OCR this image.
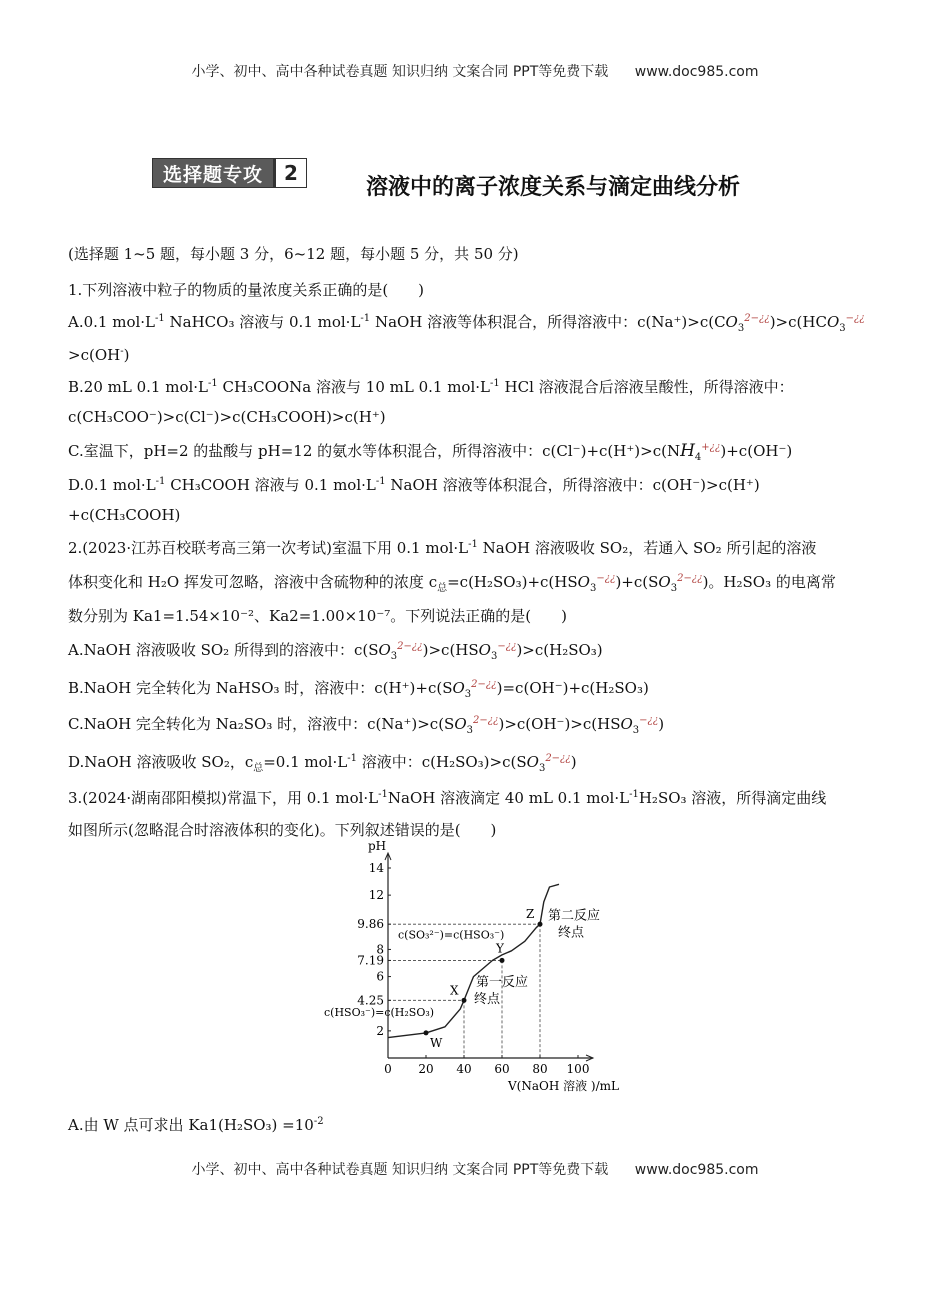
小学、初中、高中各种试卷真题 知识归纳 文案合同 PPT等免费下载 www.doc985.com
选择题专攻	2
溶液中的离子浓度关系与滴定曲线分析
(选择题 1~5 题，每小题 3 分，6~12 题，每小题 5 分，共 50 分)
1.下列溶液中粒子的物质的量浓度关系正确的是(　　)
A.0.1 $mol\cdot L^{-1}$ NaHCO₃ 溶液与 0.1 $mol\cdot L^{-1}$ NaOH 溶液等体积混合，所得溶液中：$c(Na^+)>c(CO_3^{2-¿¿})>c(HCO_3^{-¿¿}$
>c(OH-)
B.20 mL 0.1 $mol\cdot L^{-1}$ CH₃COONa 溶液与 10 mL 0.1 $mol\cdot L^{-1}$ HCl 溶液混合后溶液呈酸性，所得溶液中：
c(CH₃COO⁻)>c(Cl⁻)>c(CH₃COOH)>c(H⁺)
C.室温下，pH=2 的盐酸与 pH=12 的氨水等体积混合，所得溶液中：$c(Cl^-)+c(H^+)>c(NH_4^{+¿¿})+c(OH^-)$
D.0.1 $mol\cdot L^{-1}$ CH₃COOH 溶液与 0.1 $mol\cdot L^{-1}$ NaOH 溶液等体积混合，所得溶液中：c(OH⁻)>c(H⁺)
+c(CH₃COOH)
2.(2023·江苏百校联考高三第一次考试)室温下用 0.1 $mol\cdot L^{-1}$ NaOH 溶液吸收 SO₂，若通入 SO₂ 所引起的溶液
体积变化和 H₂O 挥发可忽略，溶液中含硫物种的浓度 $c_总=c(H_2SO_3)+c(HSO_3^{-¿¿})+c(SO_3^{2-¿¿})$。H₂SO₃ 的电离常
数分别为 Ka1=1.54×10⁻²、Ka2=1.00×10⁻⁷。下列说法正确的是(　　)
A.NaOH 溶液吸收 SO₂ 所得到的溶液中：$c(SO_3^{2-¿¿})>c(HSO_3^{-¿¿})>c(H_2SO_3)$
B.NaOH 完全转化为 NaHSO₃ 时，溶液中：$c(H^+)+c(SO_3^{2-¿¿})=c(OH^-)+c(H_2SO_3)$
C.NaOH 完全转化为 Na₂SO₃ 时，溶液中：$c(Na^+)>c(SO_3^{2-¿¿})>c(OH^-)>c(HSO_3^{-¿¿})$
D.NaOH 溶液吸收 SO₂，$c_总=0.1$ $mol\cdot L^{-1}$ 溶液中：$c(H_2SO_3)>c(SO_3^{2-¿¿})$
3.(2024·湖南邵阳模拟)常温下，用 0.1 $mol\cdot L^{-1}NaOH$ 溶液滴定 40 mL 0.1 $mol\cdot L^{-1}H_2SO_3$ 溶液，所得滴定曲线
如图所示(忽略混合时溶液体积的变化)。下列叙述错误的是(　　)
pH
V(NaOH 溶液 )/mL
W
X
Y
Z
0 20 40 60 80 100
2
4.25
6
7.19
8
9.86
12
14
第二反应
终点
第一反应
终点
c(SO₃²⁻)=c(HSO₃⁻)
c(HSO₃⁻)=c(H₂SO₃)
A.由 W 点可求出 $Ka1(H_2SO_3) =10^{-2}$
小学、初中、高中各种试卷真题 知识归纳 文案合同 PPT等免费下载 www.doc985.com
